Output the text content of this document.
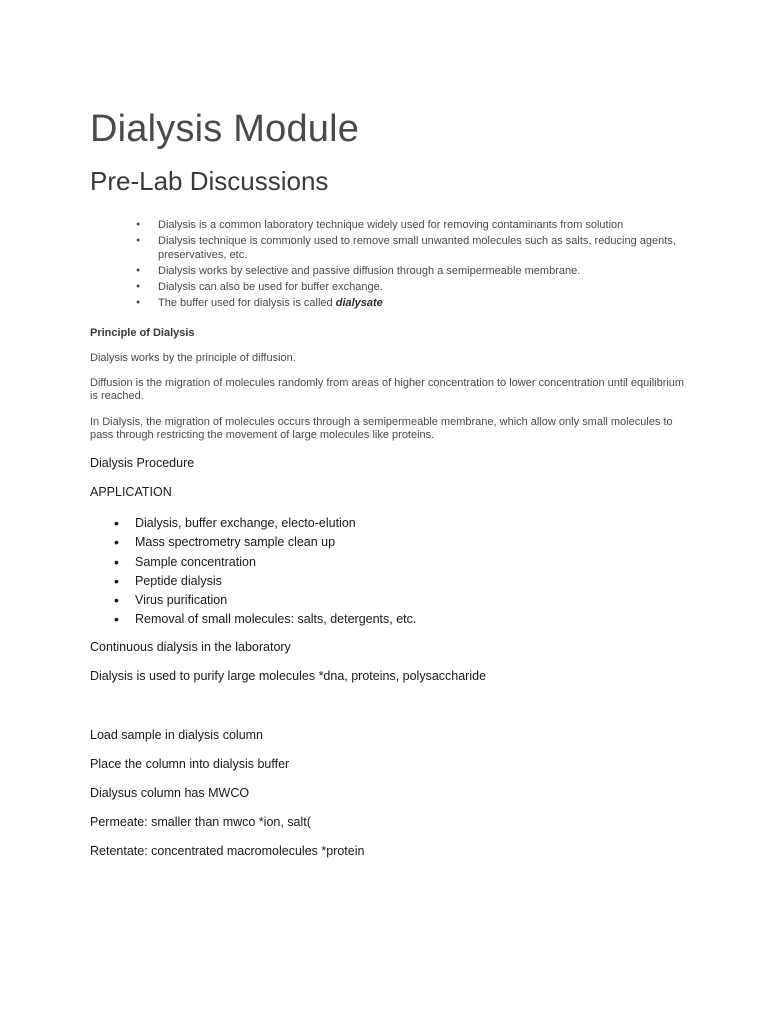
Dialysis Module
Pre-Lab Discussions
● Dialysis is a common laboratory technique widely used for removing contaminants from solution
● Dialysis technique is commonly used to remove small unwanted molecules such as salts, reducing agents, preservatives, etc.
● Dialysis works by selective and passive diffusion through a semipermeable membrane.
● Dialysis can also be used for buffer exchange.
● The buffer used for dialysis is called dialysate
Principle of Dialysis

Dialysis works by the principle of diffusion.

Diffusion is the migration of molecules randomly from areas of higher concentration to lower concentration until equilibrium is reached.

In Dialysis, the migration of molecules occurs through a semipermeable membrane, which allow only small molecules to pass through restricting the movement of large molecules like proteins.

Dialysis Procedure

APPLICATION

• Dialysis, buffer exchange, electo-elution
• Mass spectrometry sample clean up
• Sample concentration
• Peptide dialysis
• Virus purification
• Removal of small molecules: salts, detergents, etc.

Continuous dialysis in the laboratory

Dialysis is used to purify large molecules *dna, proteins, polysaccharide

Load sample in dialysis column

Place the column into dialysis buffer

Dialysus column has MWCO

Permeate: smaller than mwco *ion, salt(

Retentate: concentrated macromolecules *protein
